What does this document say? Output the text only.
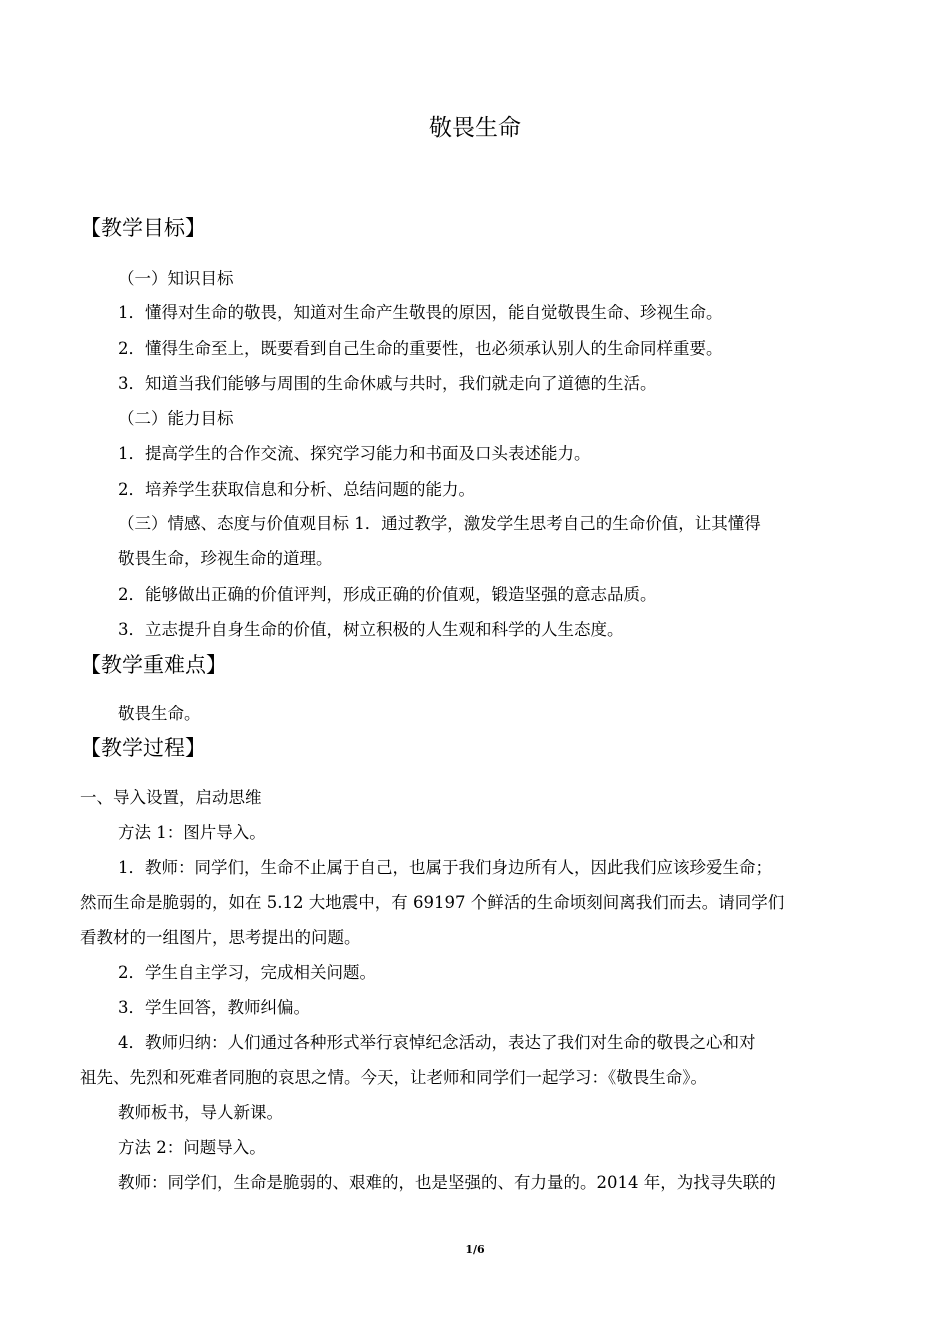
敬畏生命
【教学目标】
（一）知识目标
1．懂得对生命的敬畏，知道对生命产生敬畏的原因，能自觉敬畏生命、珍视生命。
2．懂得生命至上，既要看到自己生命的重要性，也必须承认别人的生命同样重要。
3．知道当我们能够与周围的生命休戚与共时，我们就走向了道德的生活。
（二）能力目标
1．提高学生的合作交流、探究学习能力和书面及口头表述能力。
2．培养学生获取信息和分析、总结问题的能力。
（三）情感、态度与价值观目标 1．通过教学，激发学生思考自己的生命价值，让其懂得
敬畏生命，珍视生命的道理。
2．能够做出正确的价值评判，形成正确的价值观，锻造坚强的意志品质。
3．立志提升自身生命的价值，树立积极的人生观和科学的人生态度。
【教学重难点】
敬畏生命。
【教学过程】
一、导入设置，启动思维
方法 1：图片导入。
1．教师：同学们，生命不止属于自己，也属于我们身边所有人，因此我们应该珍爱生命；
然而生命是脆弱的，如在 5.12 大地震中，有 69197 个鲜活的生命顷刻间离我们而去。请同学们
看教材的一组图片，思考提出的问题。
2．学生自主学习，完成相关问题。
3．学生回答，教师纠偏。
4．教师归纳：人们通过各种形式举行哀悼纪念活动，表达了我们对生命的敬畏之心和对
祖先、先烈和死难者同胞的哀思之情。今天，让老师和同学们一起学习：《敬畏生命》。
教师板书，导人新课。
方法 2：问题导入。
教师：同学们，生命是脆弱的、艰难的，也是坚强的、有力量的。2014 年，为找寻失联的
1/6
